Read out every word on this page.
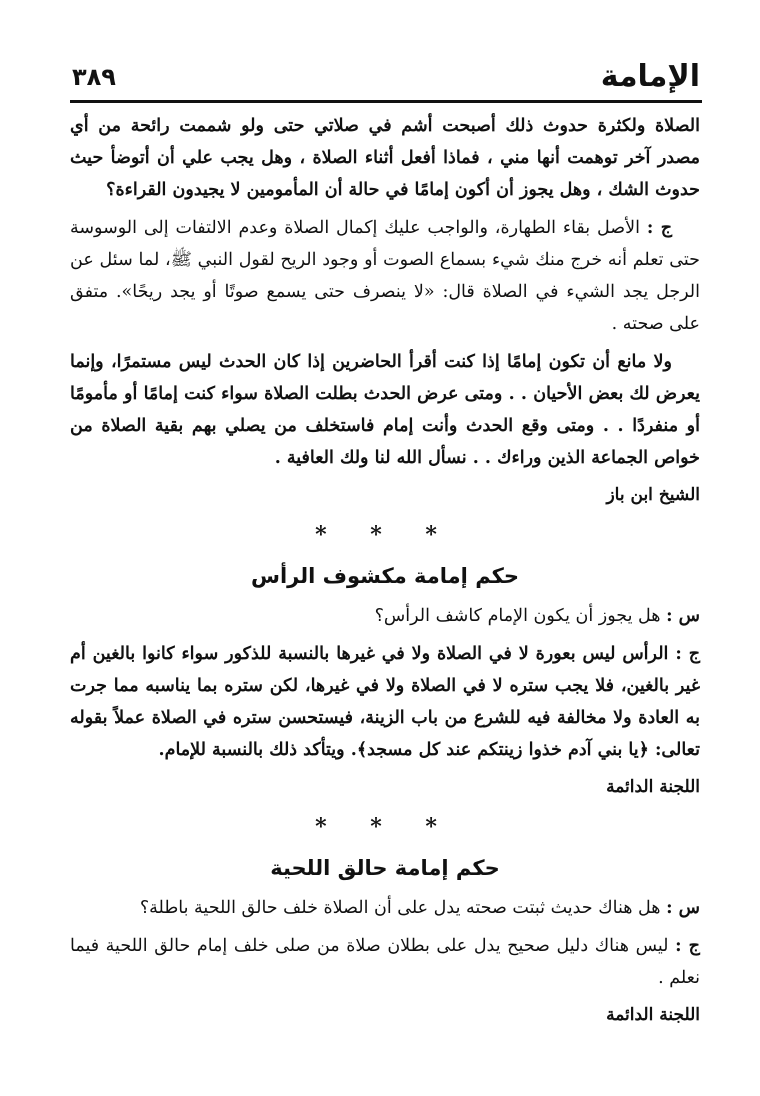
الإمامة
٣٨٩

الصلاة ولكثرة حدوث ذلك أصبحت أشم في صلاتي حتى ولو شممت رائحة من أي مصدر آخر توهمت أنها مني ، فماذا أفعل أثناء الصلاة ، وهل يجب علي أن أتوضأ حيث حدوث الشك ، وهل يجوز أن أكون إمامًا في حالة أن المأمومين لا يجيدون القراءة؟

ج : الأصل بقاء الطهارة، والواجب عليك إكمال الصلاة وعدم الالتفات إلى الوسوسة حتى تعلم أنه خرج منك شيء بسماع الصوت أو وجود الريح لقول النبي ﷺ، لما سئل عن الرجل يجد الشيء في الصلاة قال: «لا ينصرف حتى يسمع صوتًا أو يجد ريحًا». متفق على صحته .

ولا مانع أن تكون إمامًا إذا كنت أقرأ الحاضرين إذا كان الحدث ليس مستمرًا، وإنما يعرض لك بعض الأحيان . . ومتى عرض الحدث بطلت الصلاة سواء كنت إمامًا أو مأمومًا أو منفردًا . . ومتى وقع الحدث وأنت إمام فاستخلف من يصلي بهم بقية الصلاة من خواص الجماعة الذين وراءك . . نسأل الله لنا ولك العافية .

الشيخ ابن باز
* * *
حكم إمامة مكشوف الرأس

س : هل يجوز أن يكون الإمام كاشف الرأس؟

ج : الرأس ليس بعورة لا في الصلاة ولا في غيرها بالنسبة للذكور سواء كانوا بالغين أم غير بالغين، فلا يجب ستره لا في الصلاة ولا في غيرها، لكن ستره بما يناسبه مما جرت به العادة ولا مخالفة فيه للشرع من باب الزينة، فيستحسن ستره في الصلاة عملاً بقوله تعالى: ﴿يا بني آدم خذوا زينتكم عند كل مسجد﴾. ويتأكد ذلك بالنسبة للإمام.

اللجنة الدائمة
* * *
حكم إمامة حالق اللحية

س : هل هناك حديث ثبتت صحته يدل على أن الصلاة خلف حالق اللحية باطلة؟

ج : ليس هناك دليل صحيح يدل على بطلان صلاة من صلى خلف إمام حالق اللحية فيما نعلم .

اللجنة الدائمة
